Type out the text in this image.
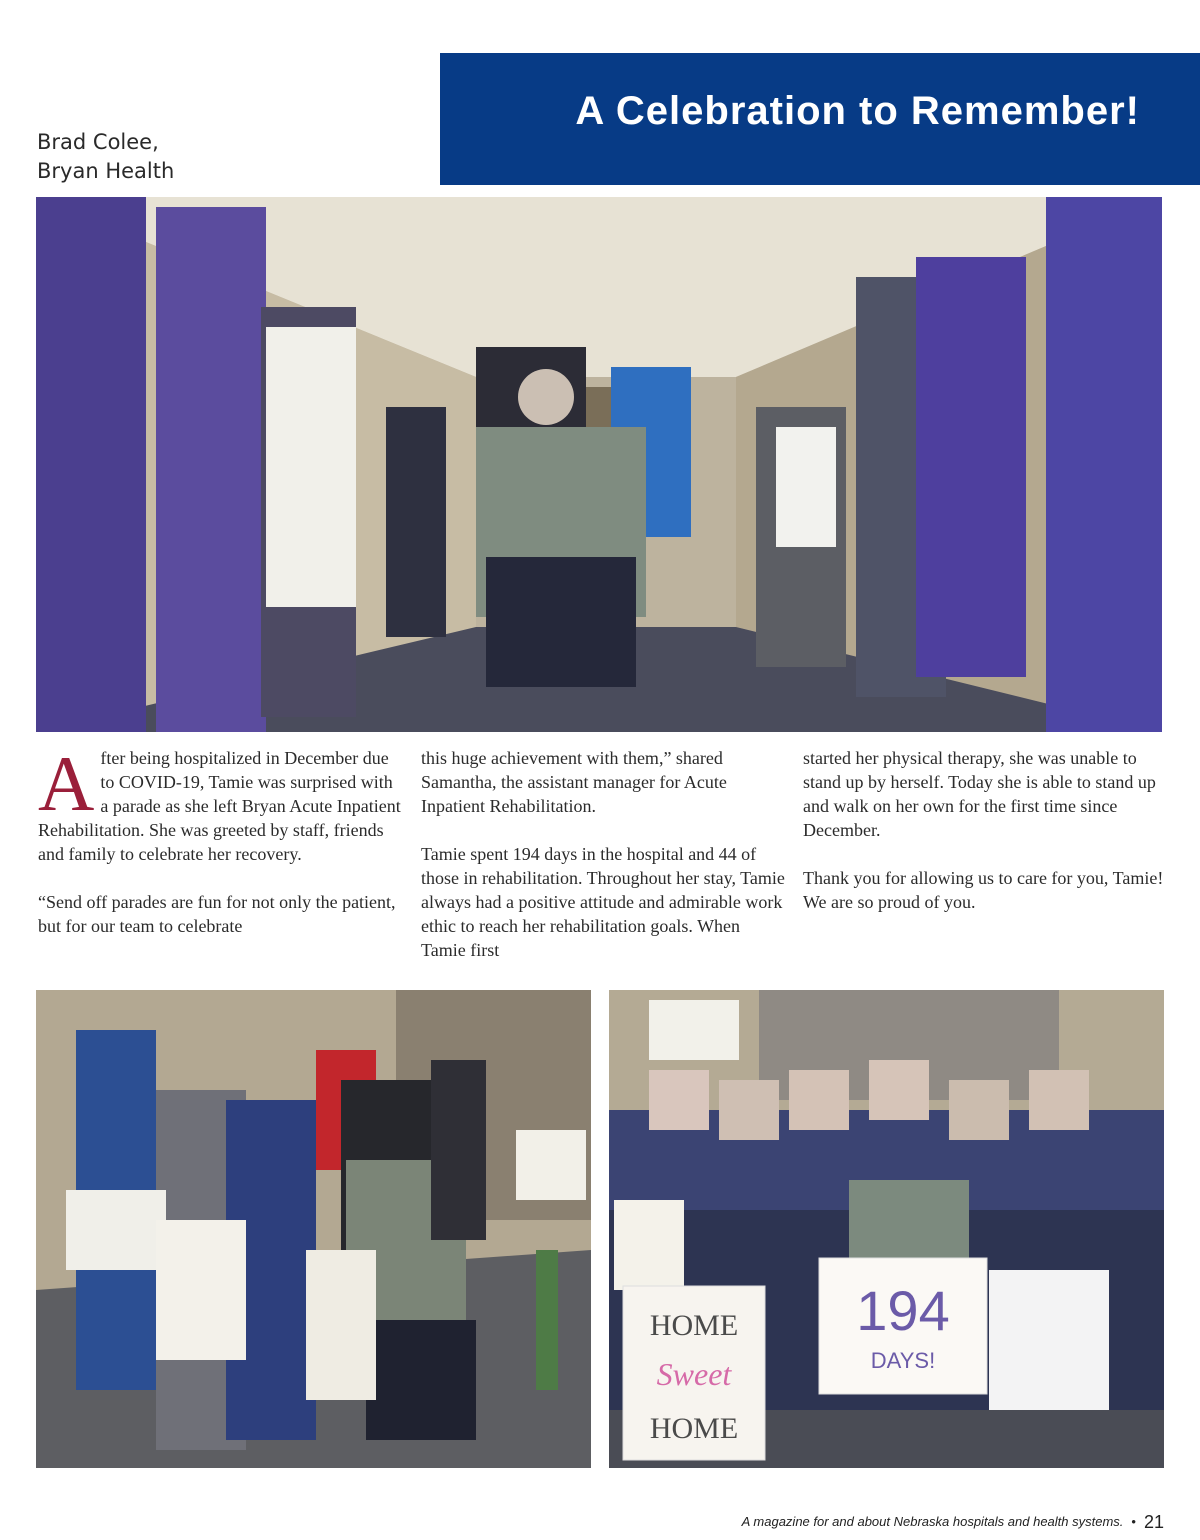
Brad Colee,
Bryan Health
A Celebration to Remember!

After being hospitalized in December due to COVID-19, Tamie was surprised with a parade as she left Bryan Acute Inpatient Rehabilitation. She was greeted by staff, friends and family to celebrate her recovery.

“Send off parades are fun for not only the patient, but for our team to celebrate

this huge achievement with them,” shared Samantha, the assistant manager for Acute Inpatient Rehabilitation.

Tamie spent 194 days in the hospital and 44 of those in rehabilitation. Throughout her stay, Tamie always had a positive attitude and admirable work ethic to reach her rehabilitation goals. When Tamie first

started her physical therapy, she was unable to stand up by herself. Today she is able to stand up and walk on her own for the first time since December.

Thank you for allowing us to care for you, Tamie! We are so proud of you.

HOME
Sweet
HOME
194
DAYS!
A magazine for and about Nebraska hospitals and health systems. • 21
